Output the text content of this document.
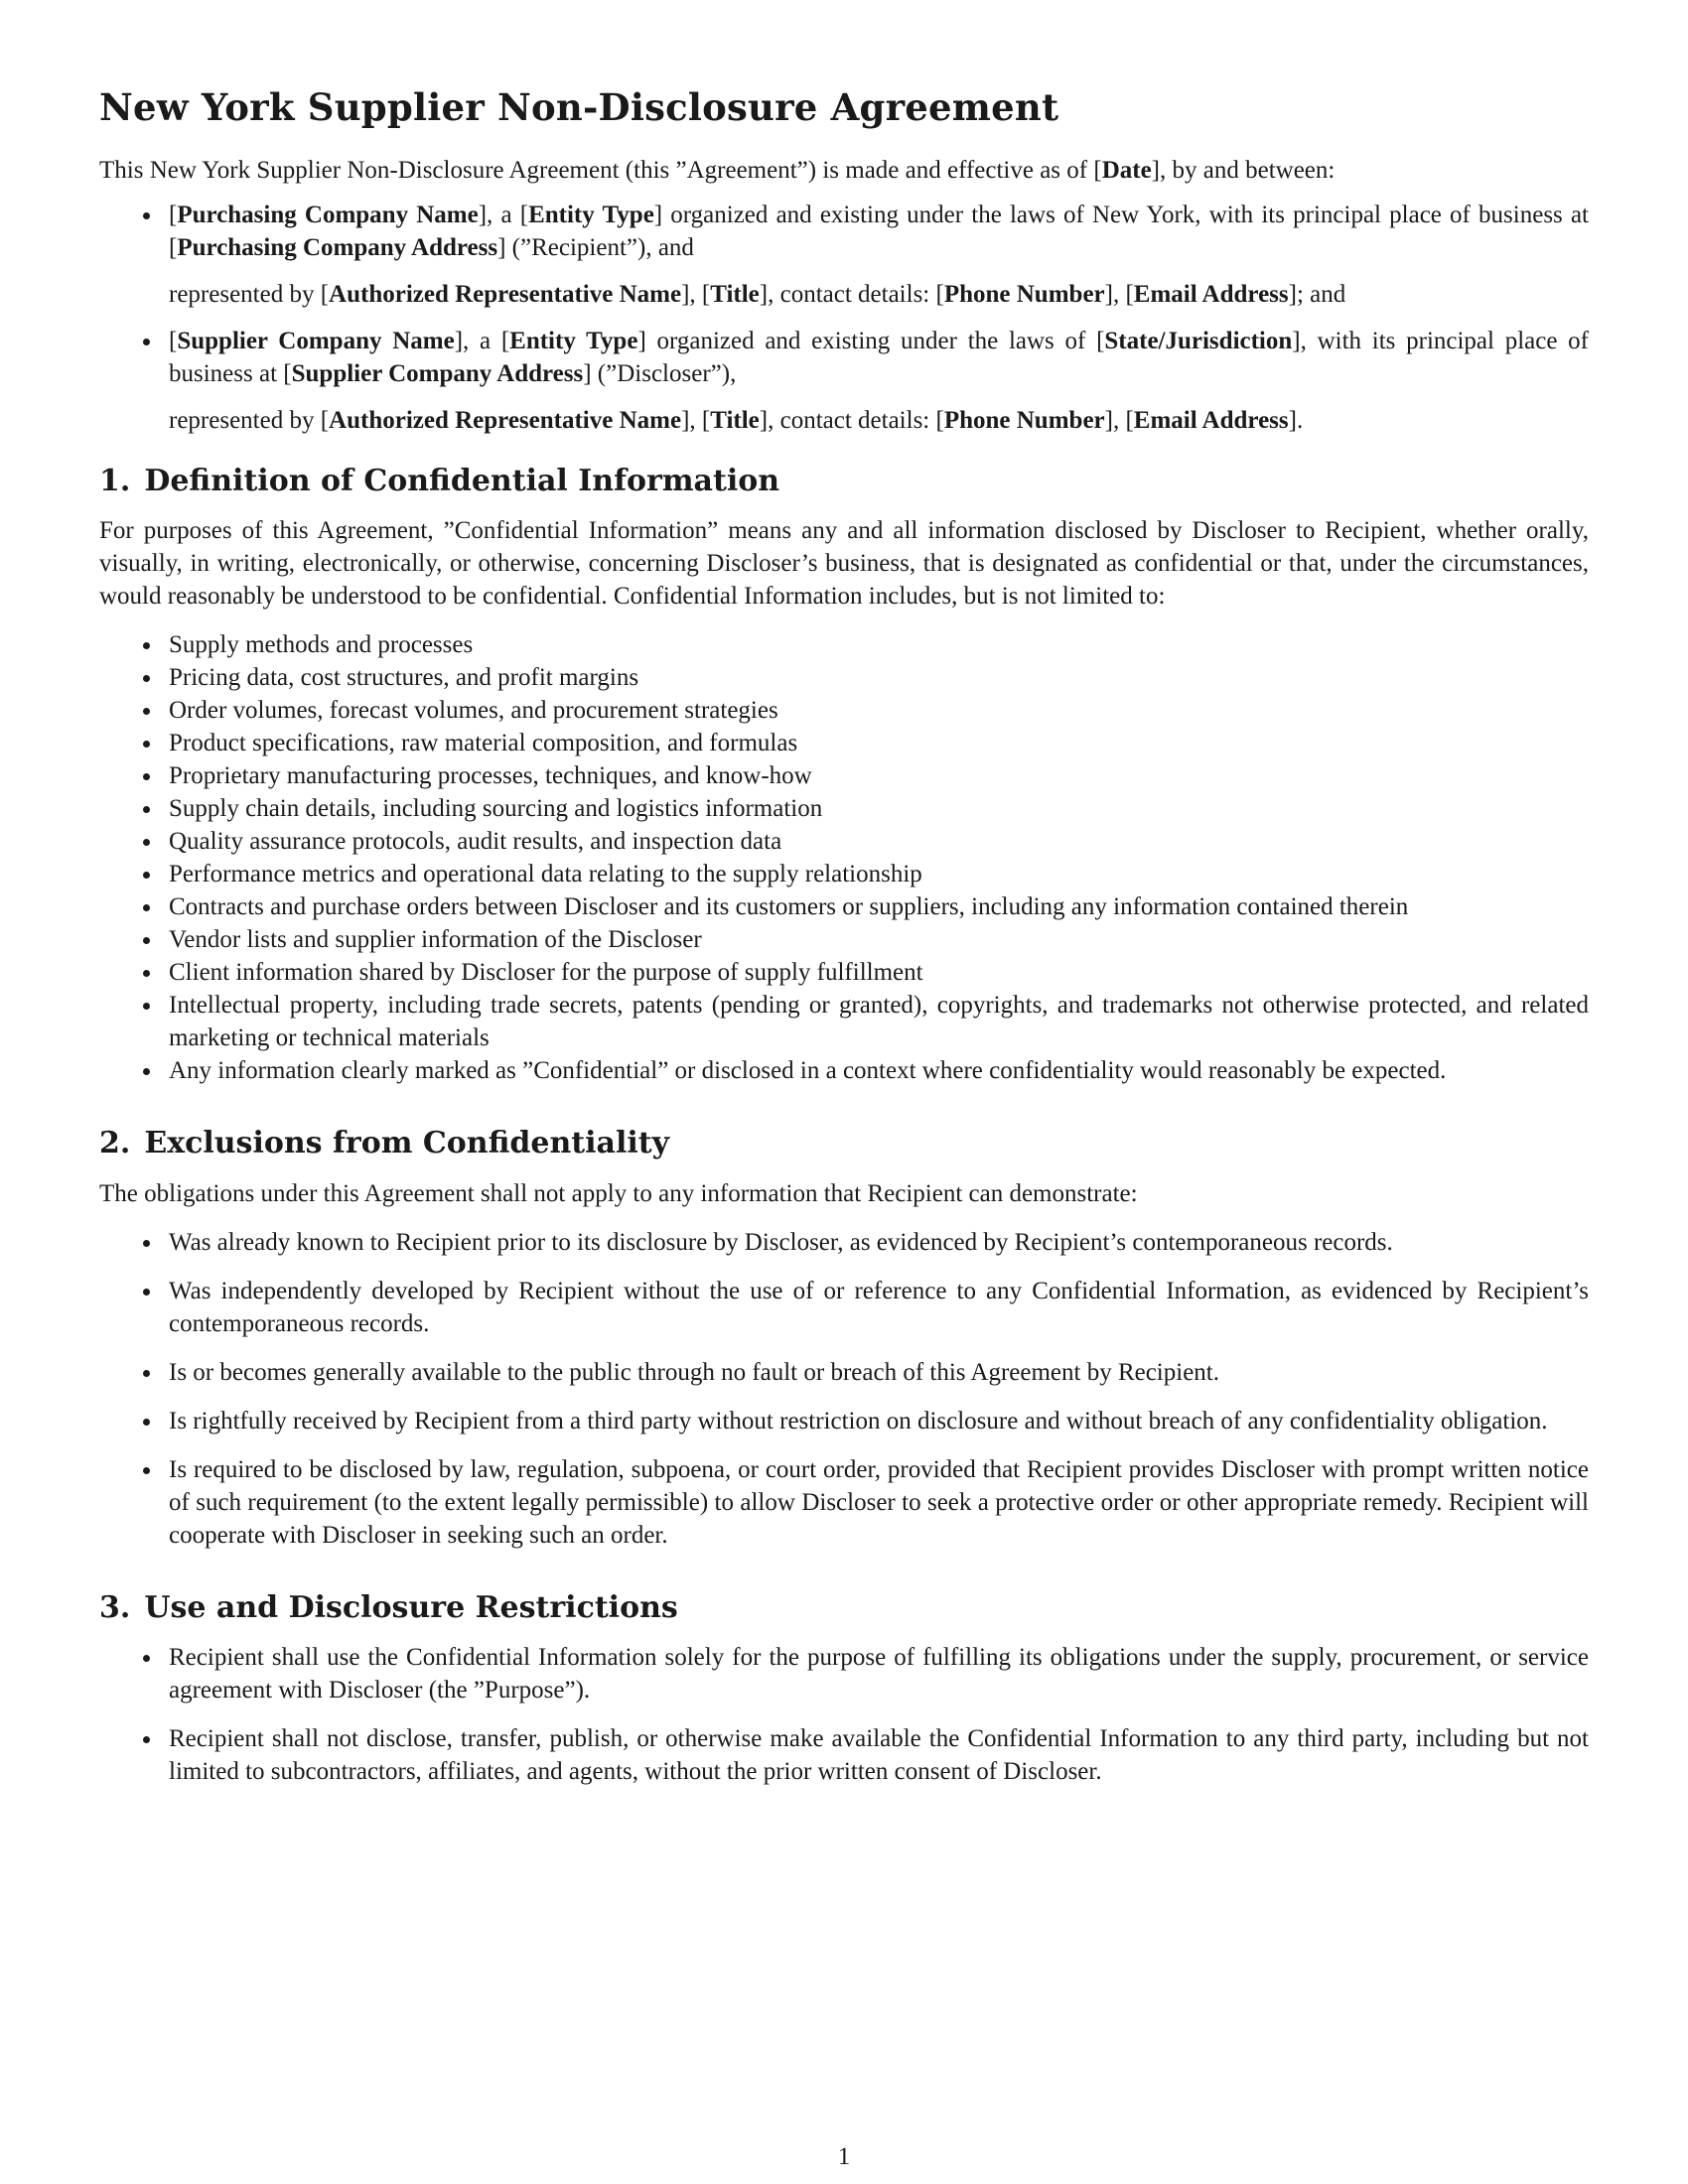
New York Supplier Non-Disclosure Agreement

This New York Supplier Non-Disclosure Agreement (this ”Agreement”) is made and effective as of [Date], by and between:

[Purchasing Company Name], a [Entity Type] organized and existing under the laws of New York, with its principal place of business at [Purchasing Company Address] (”Recipient”), and

represented by [Authorized Representative Name], [Title], contact details: [Phone Number], [Email Address]; and

[Supplier Company Name], a [Entity Type] organized and existing under the laws of [State/Jurisdiction], with its principal place of business at [Supplier Company Address] (”Discloser”),

represented by [Authorized Representative Name], [Title], contact details: [Phone Number], [Email Address].

1. Definition of Confidential Information

For purposes of this Agreement, ”Confidential Information” means any and all information disclosed by Discloser to Recipient, whether orally, visually, in writing, electronically, or otherwise, concerning Discloser’s business, that is designated as confidential or that, under the circumstances, would reasonably be understood to be confidential. Confidential Information includes, but is not limited to:

Supply methods and processes
Pricing data, cost structures, and profit margins
Order volumes, forecast volumes, and procurement strategies
Product specifications, raw material composition, and formulas
Proprietary manufacturing processes, techniques, and know-how
Supply chain details, including sourcing and logistics information
Quality assurance protocols, audit results, and inspection data
Performance metrics and operational data relating to the supply relationship
Contracts and purchase orders between Discloser and its customers or suppliers, including any information contained therein
Vendor lists and supplier information of the Discloser
Client information shared by Discloser for the purpose of supply fulfillment
Intellectual property, including trade secrets, patents (pending or granted), copyrights, and trademarks not otherwise protected, and related marketing or technical materials
Any information clearly marked as ”Confidential” or disclosed in a context where confidentiality would reasonably be expected.
2. Exclusions from Confidentiality

The obligations under this Agreement shall not apply to any information that Recipient can demonstrate:

Was already known to Recipient prior to its disclosure by Discloser, as evidenced by Recipient’s contemporaneous records.
Was independently developed by Recipient without the use of or reference to any Confidential Information, as evidenced by Recipient’s contemporaneous records.
Is or becomes generally available to the public through no fault or breach of this Agreement by Recipient.
Is rightfully received by Recipient from a third party without restriction on disclosure and without breach of any confidentiality obligation.
Is required to be disclosed by law, regulation, subpoena, or court order, provided that Recipient provides Discloser with prompt written notice of such requirement (to the extent legally permissible) to allow Discloser to seek a protective order or other appropriate remedy. Recipient will cooperate with Discloser in seeking such an order.
3. Use and Disclosure Restrictions
Recipient shall use the Confidential Information solely for the purpose of fulfilling its obligations under the supply, procurement, or service agreement with Discloser (the ”Purpose”).
Recipient shall not disclose, transfer, publish, or otherwise make available the Confidential Information to any third party, including but not limited to subcontractors, affiliates, and agents, without the prior written consent of Discloser.
1
